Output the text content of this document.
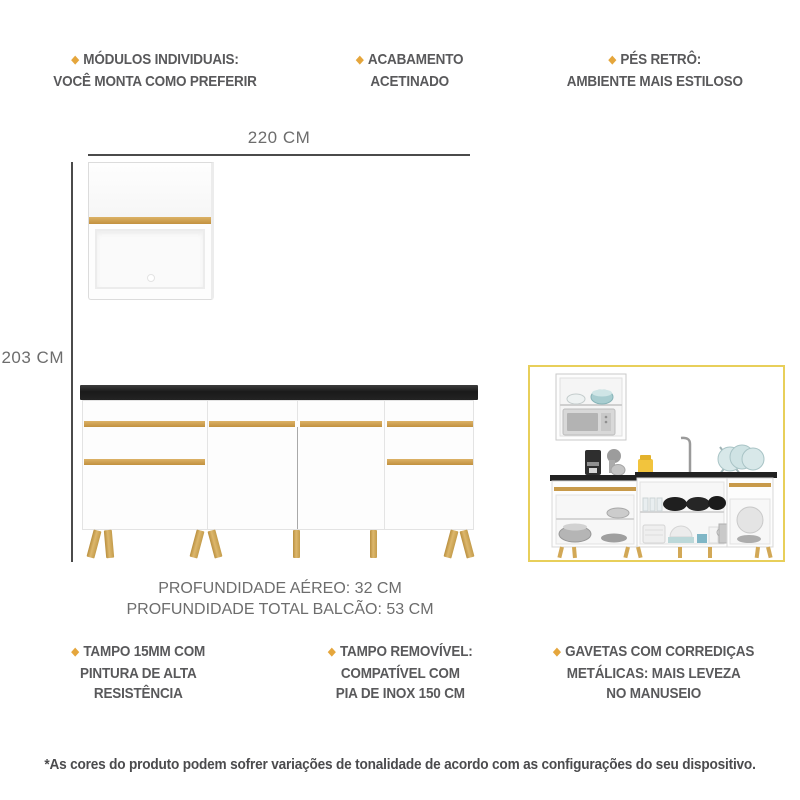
◆ MÓDULOS INDIVIDUAIS:
VOCÊ MONTA COMO PREFERIR
◆ ACABAMENTO
ACETINADO
◆ PÉS RETRÔ:
AMBIENTE MAIS ESTILOSO
220 CM
203 CM
PROFUNDIDADE AÉREO: 32 CM
PROFUNDIDADE TOTAL BALCÃO: 53 CM
◆ TAMPO 15MM COM
PINTURA DE ALTA
RESISTÊNCIA
◆ TAMPO REMOVÍVEL:
COMPATÍVEL COM
PIA DE INOX 150 CM
◆ GAVETAS COM CORREDIÇAS
METÁLICAS: MAIS LEVEZA
NO MANUSEIO
*As cores do produto podem sofrer variações de tonalidade de acordo com as configurações do seu dispositivo.
